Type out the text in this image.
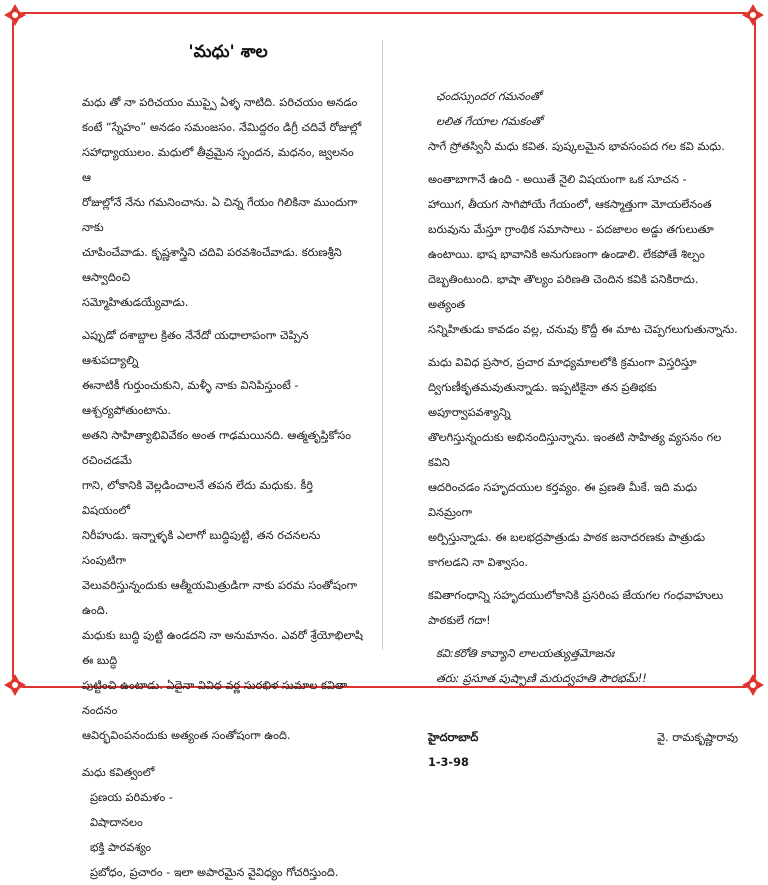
'మధు' శాల

మధు తో నా పరిచయం ముప్పై ఏళ్ళ నాటిది. పరిచయం అనడం

కంటే “స్నేహం” అనడం సమంజసం. నేమిద్దరం డిగ్రీ చదివే రోజుల్లో

సహాధ్యాయులం. మధులో తీవ్రమైన స్పందన, మధనం, జ్వలనం ఆ

రోజుల్లోనే నేను గమనించాను. ఏ చిన్న గేయం గిలికినా ముందుగా నాకు

చూపించేవాడు. కృష్ణశాస్త్రిని చదివి పరవశించేవాడు. కరుణశ్రీని ఆస్వాదించి

సమ్మోహితుడయ్యేవాడు.

ఎప్పుడో దశాబ్దాల క్రితం నేనేదో యధాలాపంగా చెప్పిన ఆశుపద్యాల్ని

ఈనాటికీ గుర్తుంచుకుని, మళ్ళీ నాకు వినిపిస్తుంటే - ఆశ్చర్యపోతుంటాను.

అతని సాహిత్యాభివివేకం అంత గాఢమయినది. ఆత్మతృప్తికోసం రచించడమే

గాని, లోకానికి వెల్లడించాలనే తపన లేదు మధుకు. కీర్తి విషయంలో

నిరీహుడు. ఇన్నాళ్ళకి ఎలాగో బుద్ధిపుట్టి, తన రచనలను సంపుటిగా

వెలువరిస్తున్నందుకు ఆత్మీయమిత్రుడిగా నాకు పరమ సంతోషంగా ఉంది.

మధుకు బుద్ధి పుట్టి ఉండదని నా అనుమానం. ఎవరో శ్రేయోభిలాషి ఈ బుద్ధి

పుట్టించి ఉంటాడు. ఏదైనా వివిధ వర్ణ సురభిళ సుమాల కవితా నందనం

ఆవిర్భవింపనందుకు అత్యంత సంతోషంగా ఉంది.

మధు కవిత్వంలో

ప్రణయ పరిమళం -

విషాదానలం

భక్తి పారవశ్యం

ప్రబోధం, ప్రచారం - ఇలా అపారమైన వైవిధ్యం గోచరిస్తుంది.

ఛందస్సుందర గమనంతో

లలిత గేయాల గమకంతో

సాగే స్రోతస్వినీ మధు కవిత. పుష్కలమైన భావసంపద గల కవి మధు.

అంతాబాగానే ఉంది - అయితే నైలి విషయంగా ఒక సూచన -

హాయిగ, తీయగ సాగిపోయే గేయంలో, ఆకస్మాత్తుగా మోయలేనంత

బరువును మేస్తూ గ్రాంథిక సమాసాలు - పదజాలం అడ్డు తగులుతూ

ఉంటాయి. భాష భావానికి అనుగుణంగా ఉండాలి. లేకపోతే శిల్పం

దెబ్బతింటుంది. భాషా తౌల్యం పరిణతి చెందిన కవికి పనికిరాదు. అత్యంత

సన్నిహితుడు కావడం వల్ల, చనువు కొద్దీ ఈ మాట చెప్పగలుగుతున్నాను.

మధు వివిధ ప్రసార, ప్రచార మాధ్యమాలలోకి క్రమంగా విస్తరిస్తూ

ద్విగుణీకృతమవుతున్నాడు. ఇప్పటికైనా తన ప్రతిభకు అపూర్వాపవశ్యాన్ని

తొలగిస్తున్నందుకు అభినందిస్తున్నాను. ఇంతటి సాహిత్య వ్యసనం గల కవిని

ఆదరించడం సహృదయుల కర్తవ్యం. ఈ ప్రణతి మీకే. ఇది మధు వినమ్రంగా

అర్పిస్తున్నాడు. ఈ బలభద్రపాత్రుడు పాఠక జనాదరణకు పాత్రుడు

కాగలడని నా విశ్వాసం.

కవితాగంధాన్ని సహృదయులోకానికి ప్రసరింప జేయగల గంధవాహులు

పాఠకులే గదా!

కవి:కరోతి కావ్యాని లాలయత్యుత్తమోజనః

తరు: ప్రసూత పుష్పాణి మరుద్వహతి సౌరభమ్!!

హైదరాబాద్	వై. రామకృష్ణారావు

1-3-98
